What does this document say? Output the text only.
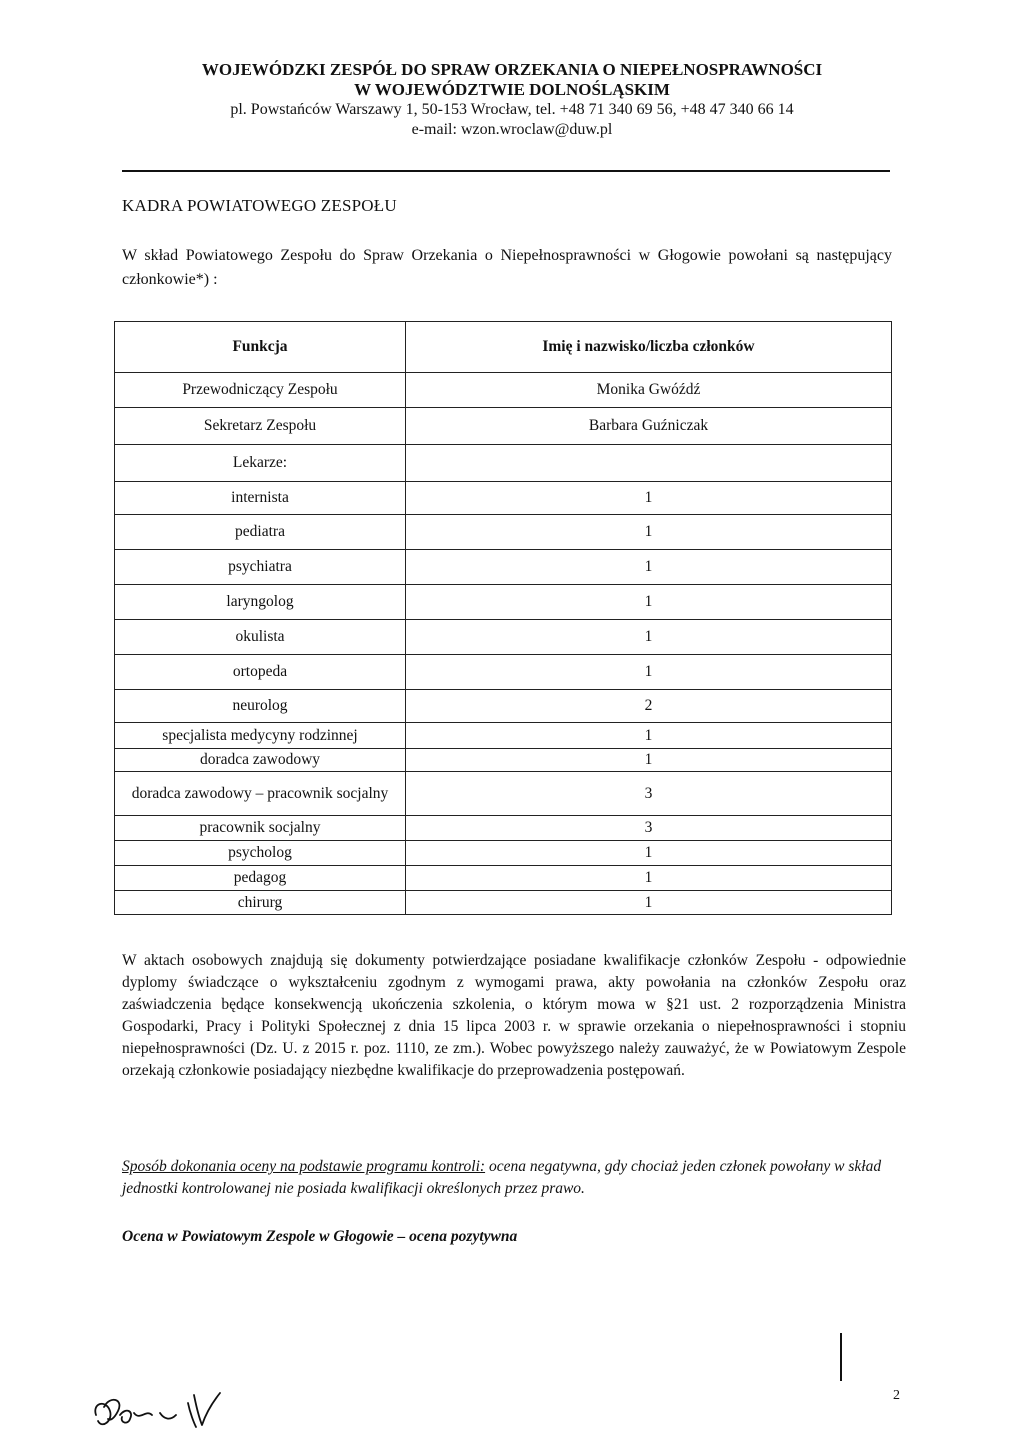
WOJEWÓDZKI ZESPÓŁ DO SPRAW ORZEKANIA O NIEPEŁNOSPRAWNOŚCI
W WOJEWÓDZTWIE DOLNOŚLĄSKIM
pl. Powstańców Warszawy 1, 50-153 Wrocław, tel. +48 71 340 69 56, +48 47 340 66 14
e-mail: wzon.wroclaw@duw.pl
KADRA POWIATOWEGO ZESPOŁU
W skład Powiatowego Zespołu do Spraw Orzekania o Niepełnosprawności w Głogowie powołani są następujący członkowie*) :
Funkcja	Imię i nazwisko/liczba członków
Przewodniczący Zespołu	Monika Gwóźdź
Sekretarz Zespołu	Barbara Guźniczak
Lekarze:	
internista	1
pediatra	1
psychiatra	1
laryngolog	1
okulista	1
ortopeda	1
neurolog	2
specjalista medycyny rodzinnej	1
doradca zawodowy	1
doradca zawodowy – pracownik socjalny	3
pracownik socjalny	3
psycholog	1
pedagog	1
chirurg	1
W aktach osobowych znajdują się dokumenty potwierdzające posiadane kwalifikacje członków Zespołu - odpowiednie dyplomy świadczące o wykształceniu zgodnym z wymogami prawa, akty powołania na członków Zespołu oraz zaświadczenia będące konsekwencją ukończenia szkolenia, o którym mowa w §21 ust. 2 rozporządzenia Ministra Gospodarki, Pracy i Polityki Społecznej z dnia 15 lipca 2003 r. w sprawie orzekania o niepełnosprawności i stopniu niepełnosprawności (Dz. U. z 2015 r. poz. 1110, ze zm.). Wobec powyższego należy zauważyć, że w Powiatowym Zespole orzekają członkowie posiadający niezbędne kwalifikacje do przeprowadzenia postępowań.
Sposób dokonania oceny na podstawie programu kontroli: ocena negatywna, gdy chociaż jeden członek powołany w skład jednostki kontrolowanej nie posiada kwalifikacji określonych przez prawo.
Ocena w Powiatowym Zespole w Głogowie – ocena pozytywna
2
